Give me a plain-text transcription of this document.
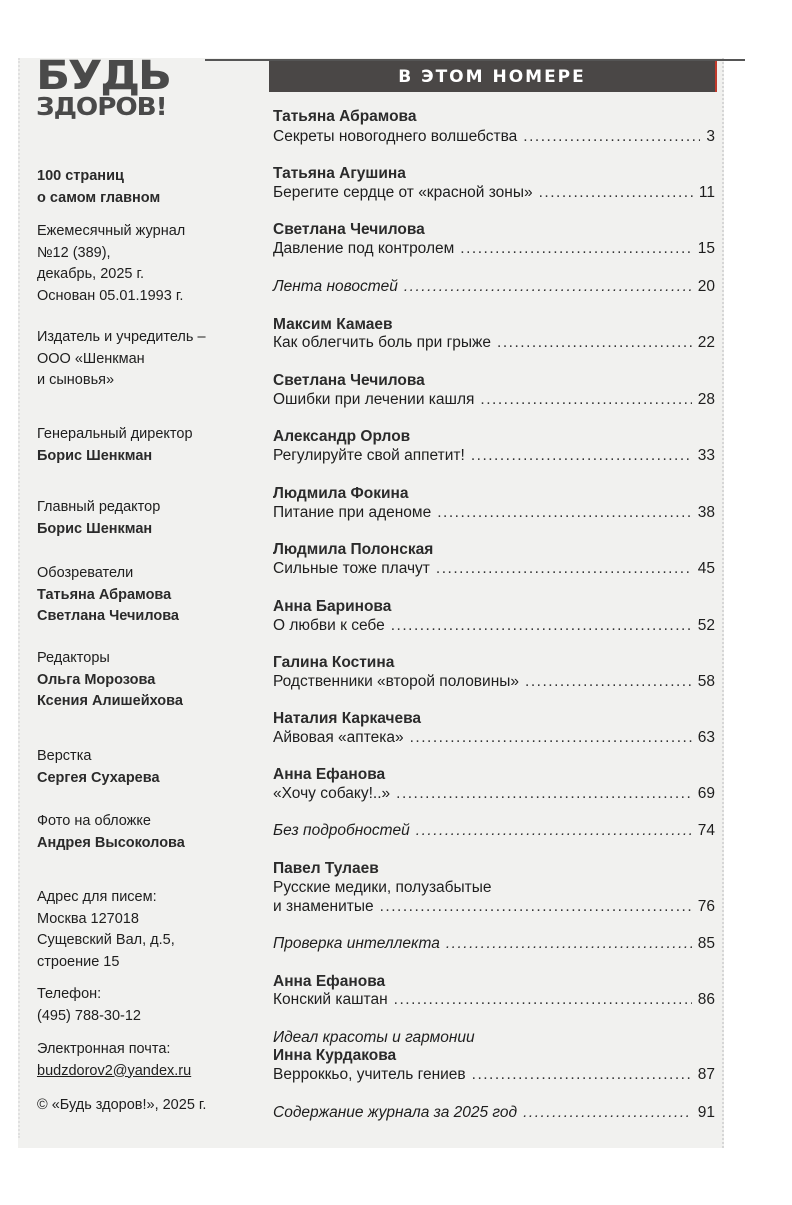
БУДЬ
ЗДОРОВ!
100 страниц
о самом главном
Ежемесячный журнал
№12 (389),
декабрь, 2025 г.
Основан 05.01.1993 г.
Издатель и учредитель –
ООО «Шенкман
и сыновья»
Генеральный директор
Борис Шенкман
Главный редактор
Борис Шенкман
Обозреватели
Татьяна Абрамова
Светлана Чечилова
Редакторы
Ольга Морозова
Ксения Алишейхова
Верстка
Сергея Сухарева
Фото на обложке
Андрея Высоколова
Адрес для писем:
Москва 127018
Сущевский Вал, д.5,
строение 15
Телефон:
(495) 788-30-12
Электронная почта:
budzdorov2@yandex.ru
© «Будь здоров!», 2025 г.
В ЭТОМ НОМЕРЕ
Татьяна Абрамова
Секреты новогоднего волшебства .....	3
Татьяна Агушина
Берегите сердце от «красной зоны» .....	11
Светлана Чечилова
Давление под контролем .....	15
Лента новостей .....	20
Максим Камаев
Как облегчить боль при грыже .....	22
Светлана Чечилова
Ошибки при лечении кашля .....	28
Александр Орлов
Регулируйте свой аппетит! .....	33
Людмила Фокина
Питание при аденоме .....	38
Людмила Полонская
Сильные тоже плачут .....	45
Анна Баринова
О любви к себе .....	52
Галина Костина
Родственники «второй половины» .....	58
Наталия Каркачева
Айвовая «аптека» .....	63
Анна Ефанова
«Хочу собаку!..» .....	69
Без подробностей .....	74
Павел Тулаев
Русские медики, полузабытые
и знаменитые .....	76
Проверка интеллекта .....	85
Анна Ефанова
Конский каштан .....	86
Идеал красоты и гармонии
Инна Курдакова
Верроккьо, учитель гениев .....	87
Содержание журнала за 2025 год .....	91
